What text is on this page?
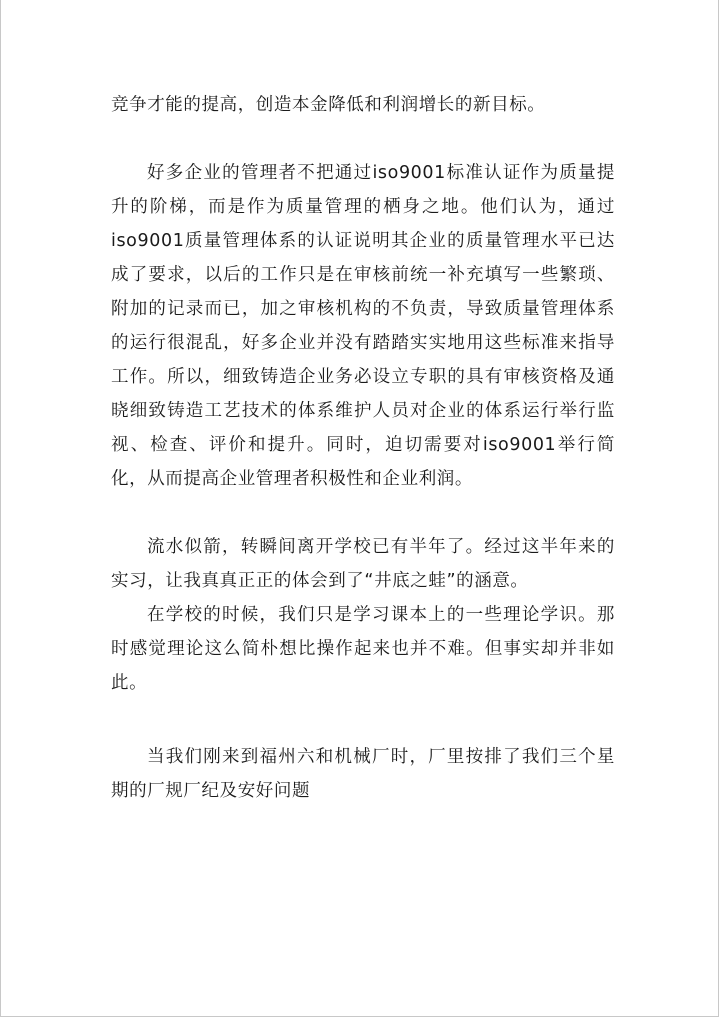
竞争才能的提高，创造本金降低和利润增长的新目标。

好多企业的管理者不把通过iso9001标准认证作为质量提升的阶梯，而是作为质量管理的栖身之地。他们认为，通过iso9001质量管理体系的认证说明其企业的质量管理水平已达成了要求，以后的工作只是在审核前统一补充填写一些繁琐、附加的记录而已，加之审核机构的不负责，导致质量管理体系的运行很混乱，好多企业并没有踏踏实实地用这些标准来指导工作。所以，细致铸造企业务必设立专职的具有审核资格及通晓细致铸造工艺技术的体系维护人员对企业的体系运行举行监视、检查、评价和提升。同时，迫切需要对iso9001举行简化，从而提高企业管理者积极性和企业利润。

流水似箭，转瞬间离开学校已有半年了。经过这半年来的实习，让我真真正正的体会到了“井底之蛙”的涵意。

在学校的时候，我们只是学习课本上的一些理论学识。那时感觉理论这么简朴想比操作起来也并不难。但事实却并非如此。

当我们刚来到福州六和机械厂时，厂里按排了我们三个星期的厂规厂纪及安好问题
